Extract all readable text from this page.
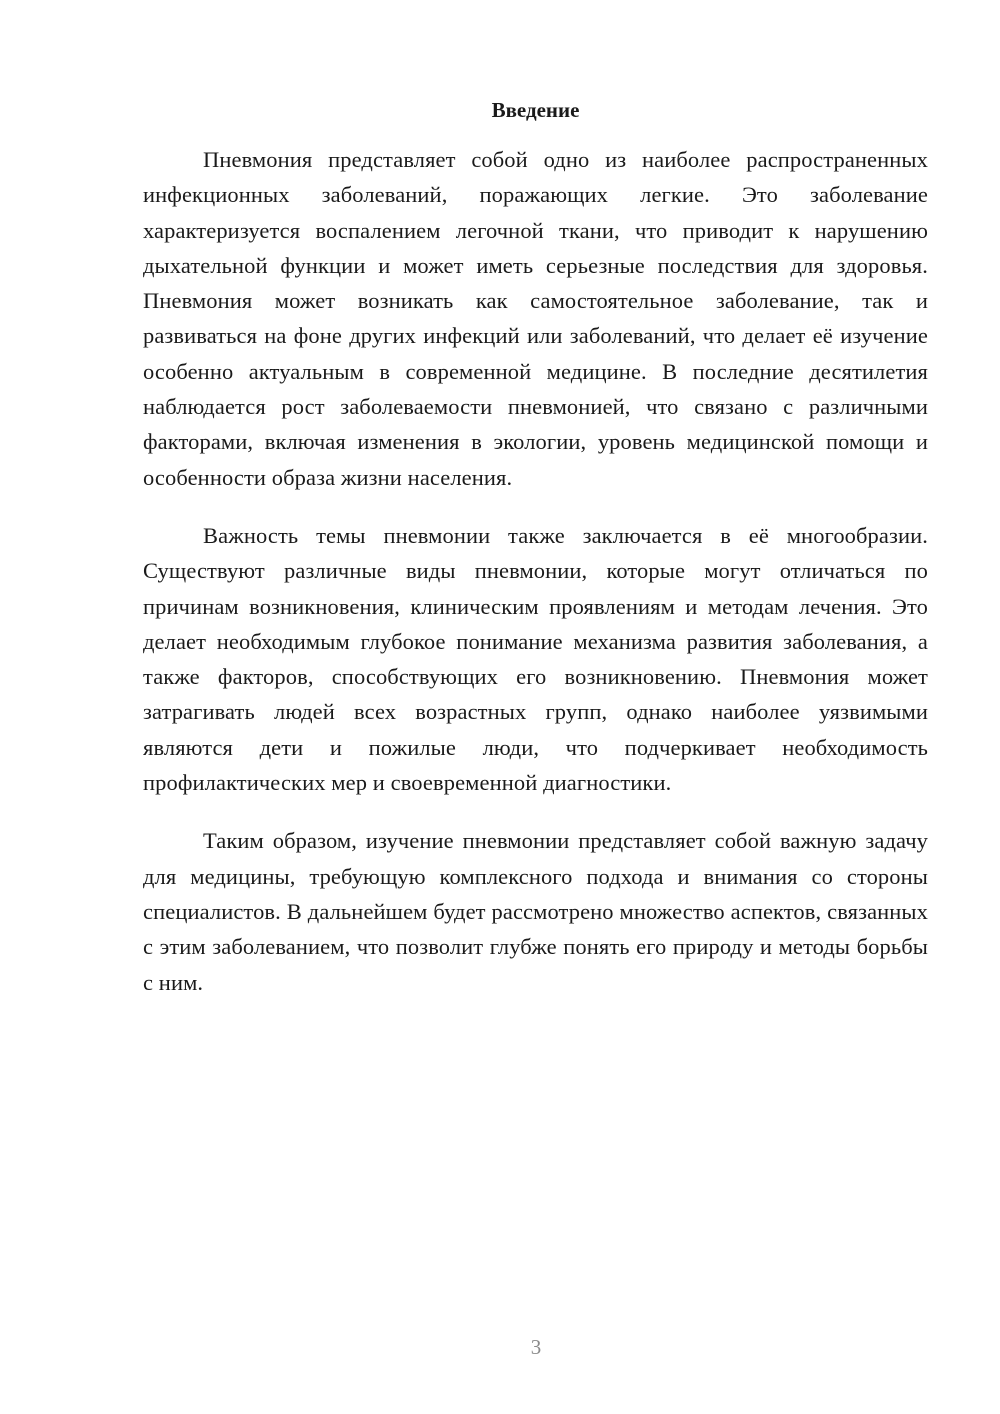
Введение

Пневмония представляет собой одно из наиболее распространенных инфекционных заболеваний, поражающих легкие. Это заболевание характеризуется воспалением легочной ткани, что приводит к нарушению дыхательной функции и может иметь серьезные последствия для здоровья. Пневмония может возникать как самостоятельное заболевание, так и развиваться на фоне других инфекций или заболеваний, что делает её изучение особенно актуальным в современной медицине. В последние десятилетия наблюдается рост заболеваемости пневмонией, что связано с различными факторами, включая изменения в экологии, уровень медицинской помощи и особенности образа жизни населения.

Важность темы пневмонии также заключается в её многообразии. Существуют различные виды пневмонии, которые могут отличаться по причинам возникновения, клиническим проявлениям и методам лечения. Это делает необходимым глубокое понимание механизма развития заболевания, а также факторов, способствующих его возникновению. Пневмония может затрагивать людей всех возрастных групп, однако наиболее уязвимыми являются дети и пожилые люди, что подчеркивает необходимость профилактических мер и своевременной диагностики.

Таким образом, изучение пневмонии представляет собой важную задачу для медицины, требующую комплексного подхода и внимания со стороны специалистов. В дальнейшем будет рассмотрено множество аспектов, связанных с этим заболеванием, что позволит глубже понять его природу и методы борьбы с ним.

3
